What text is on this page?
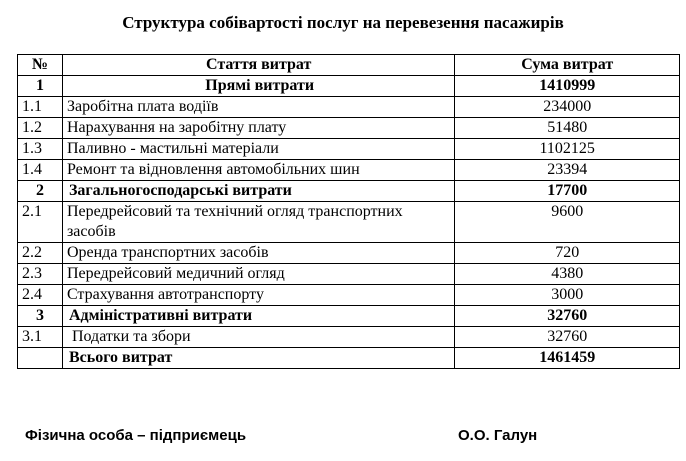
Структура собівартості послуг на перевезення пасажирів
№	Стаття витрат	Сума витрат
1	Прямі витрати	1410999
1.1	Заробітна плата водіїв	234000
1.2	Нарахування на заробітну плату	51480
1.3	Паливно - мастильні матеріали	1102125
1.4	Ремонт та відновлення автомобільних шин	23394
2	Загальногосподарські витрати	17700
2.1	Передрейсовий та технічний огляд транспортних засобів	9600
2.2	Оренда транспортних засобів	720
2.3	Передрейсовий медичний огляд	4380
2.4	Страхування автотранспорту	3000
3	Адміністративні витрати	32760
3.1	Податки та збори	32760
	Всього витрат	1461459
Фізична особа – підприємець	О.О. Галун
